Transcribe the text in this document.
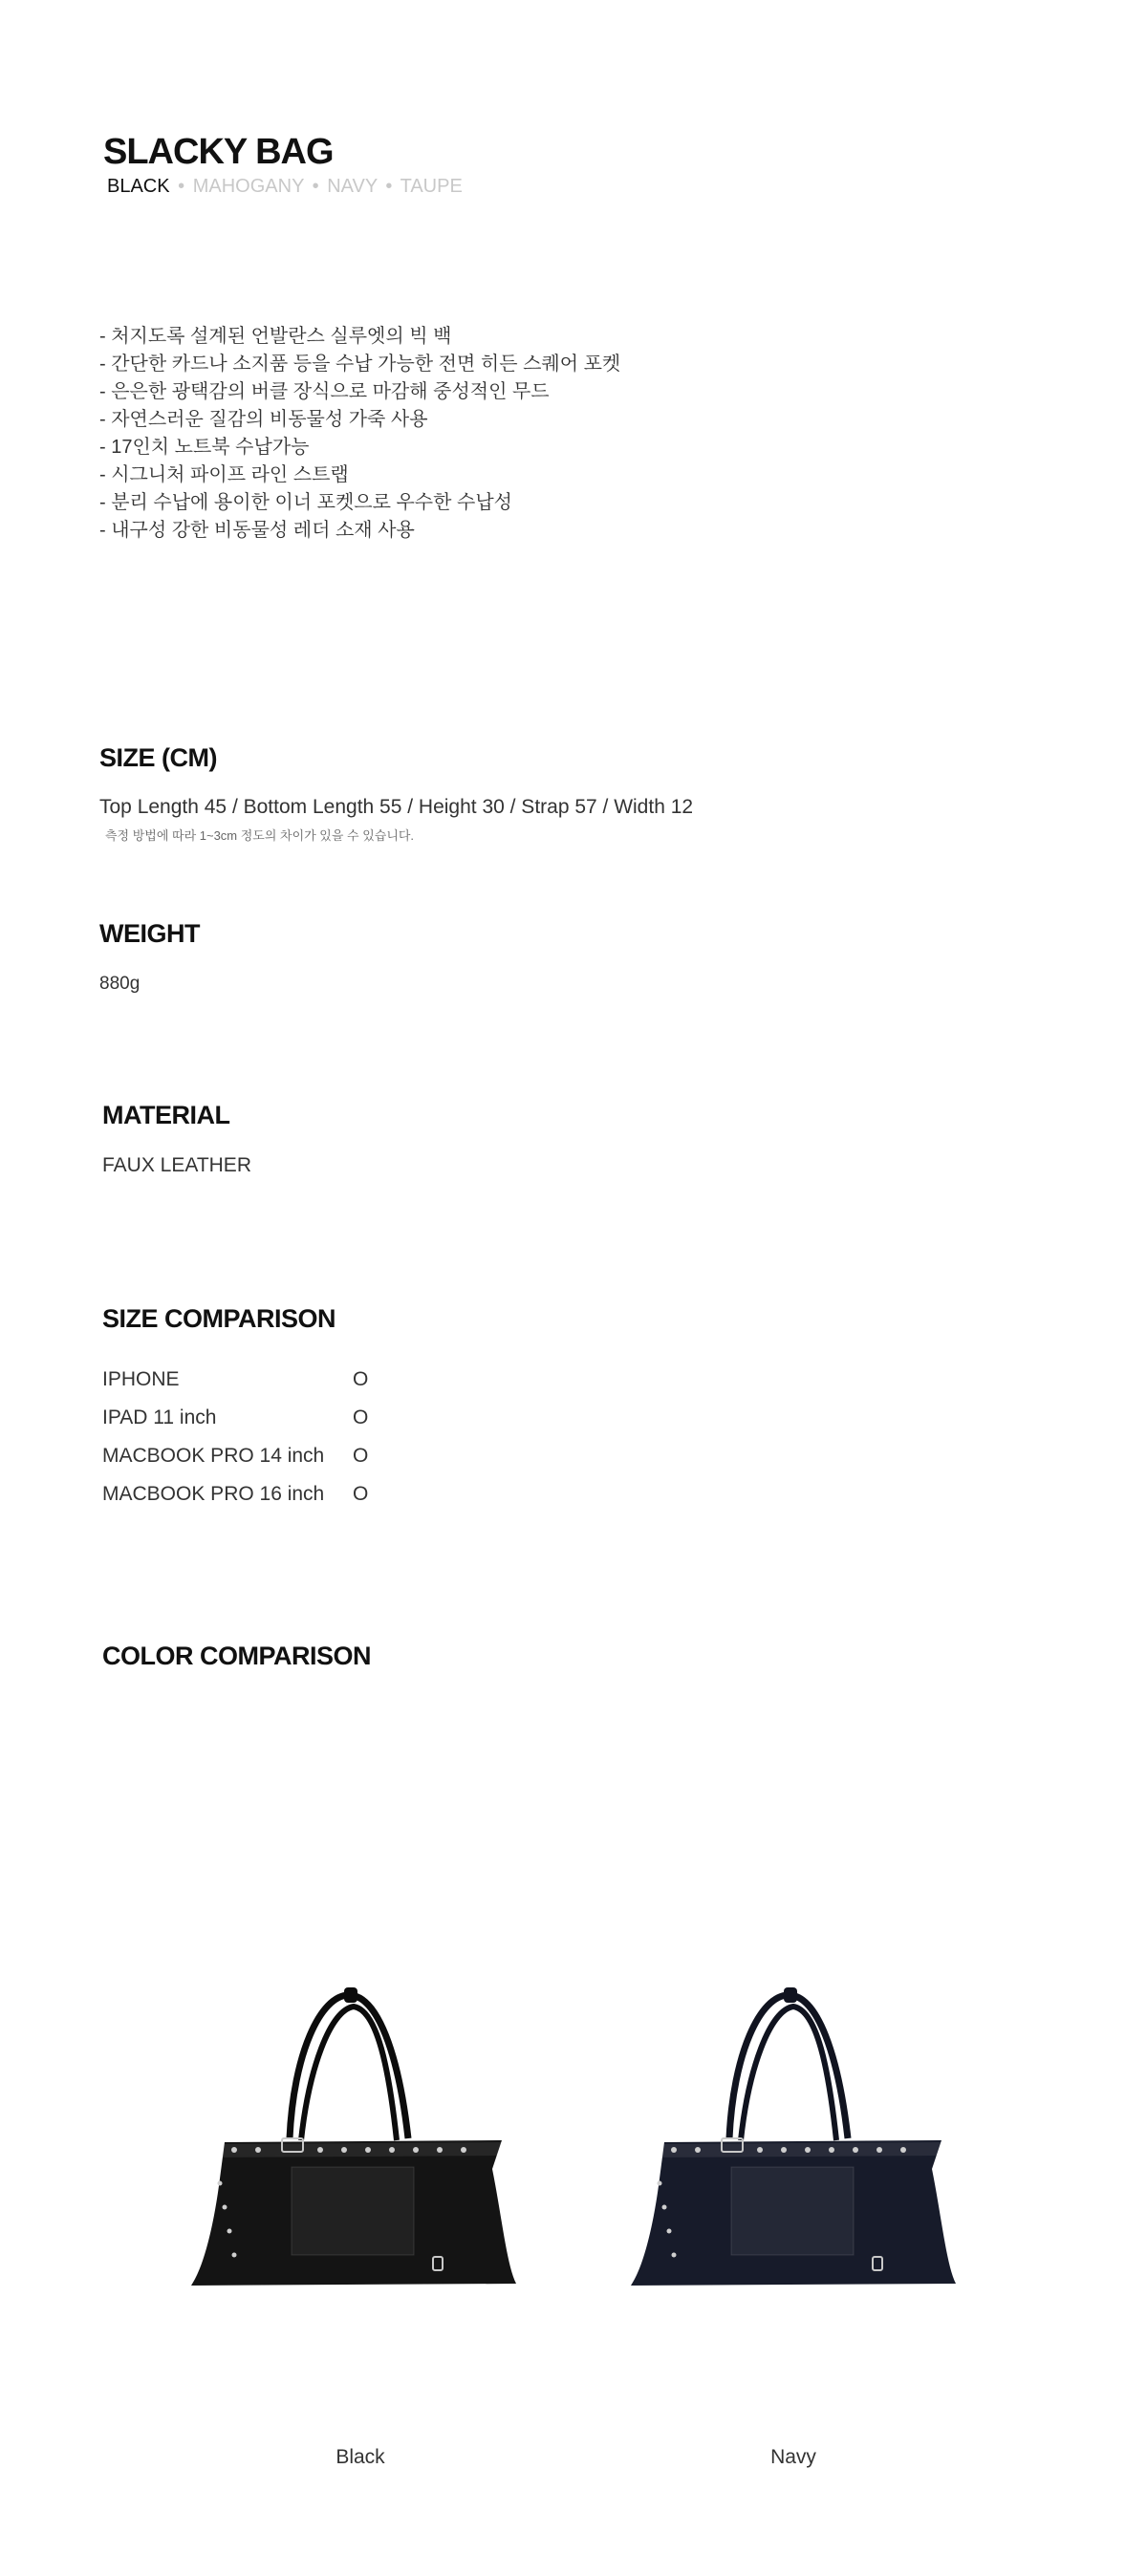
SLACKY BAG
BLACK • MAHOGANY • NAVY • TAUPE
- 처지도록 설계된 언발란스 실루엣의 빅 백
- 간단한 카드나 소지품 등을 수납 가능한 전면 히든 스퀘어 포켓
- 은은한 광택감의 버클 장식으로 마감해 중성적인 무드
- 자연스러운 질감의 비동물성 가죽 사용
- 17인치 노트북 수납가능
- 시그니처 파이프 라인 스트랩
- 분리 수납에 용이한 이너 포켓으로 우수한 수납성
- 내구성 강한 비동물성 레더 소재 사용
SIZE (CM)
Top Length 45 / Bottom Length 55 / Height 30 / Strap 57 / Width 12
측정 방법에 따라 1~3cm 정도의 차이가 있을 수 있습니다.
WEIGHT
880g
MATERIAL
FAUX LEATHER
SIZE COMPARISON
IPHONE	O
IPAD 11 inch	O
MACBOOK PRO 14 inch O
MACBOOK PRO 16 inch O
COLOR COMPARISON
Black	Navy
